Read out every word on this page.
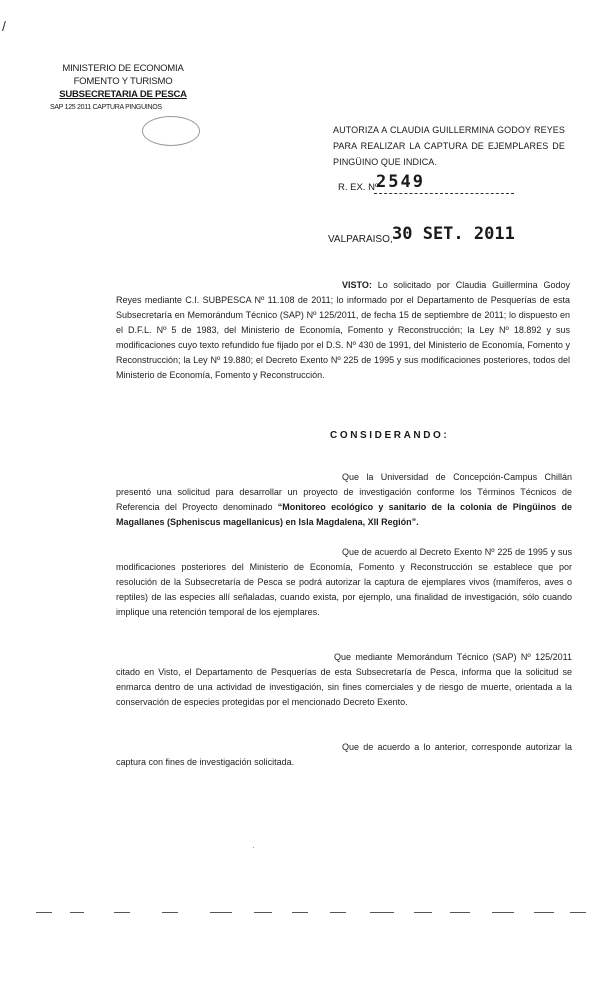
/
MINISTERIO DE ECONOMIA
FOMENTO Y TURISMO
SUBSECRETARIA DE PESCA
SAP 125 2011 CAPTURA PINGUINOS
AUTORIZA A CLAUDIA GUILLERMINA GODOY REYES PARA REALIZAR LA CAPTURA DE EJEMPLARES DE PINGÜINO QUE INDICA.
R. EX. Nº
2549
VALPARAISO, 30 SET. 2011
VISTO: Lo solicitado por Claudia Guillermina Godoy Reyes mediante C.I. SUBPESCA Nº 11.108 de 2011; lo informado por el Departamento de Pesquerías de esta Subsecretaría en Memorándum Técnico (SAP) Nº 125/2011, de fecha 15 de septiembre de 2011; lo dispuesto en el D.F.L. Nº 5 de 1983, del Ministerio de Economía, Fomento y Reconstrucción; la Ley Nº 18.892 y sus modificaciones cuyo texto refundido fue fijado por el D.S. Nº 430 de 1991, del Ministerio de Economía, Fomento y Reconstrucción; la Ley Nº 19.880; el Decreto Exento Nº 225 de 1995 y sus modificaciones posteriores, todos del Ministerio de Economía, Fomento y Reconstrucción.
CONSIDERANDO:
Que la Universidad de Concepción-Campus Chillán presentó una solicitud para desarrollar un proyecto de investigación conforme los Términos Técnicos de Referencia del Proyecto denominado “Monitoreo ecológico y sanitario de la colonia de Pingüinos de Magallanes (Spheniscus magellanicus) en Isla Magdalena, XII Región”.
Que de acuerdo al Decreto Exento Nº 225 de 1995 y sus modificaciones posteriores del Ministerio de Economía, Fomento y Reconstrucción se establece que por resolución de la Subsecretaría de Pesca se podrá autorizar la captura de ejemplares vivos (mamíferos, aves o reptiles) de las especies allí señaladas, cuando exista, por ejemplo, una finalidad de investigación, sólo cuando implique una retención temporal de los ejemplares.
Que mediante Memorándum Técnico (SAP) Nº 125/2011 citado en Visto, el Departamento de Pesquerías de esta Subsecretaría de Pesca, informa que la solicitud se enmarca dentro de una actividad de investigación, sin fines comerciales y de riesgo de muerte, orientada a la conservación de especies protegidas por el mencionado Decreto Exento.
Que de acuerdo a lo anterior, corresponde autorizar la captura con fines de investigación solicitada.
·
